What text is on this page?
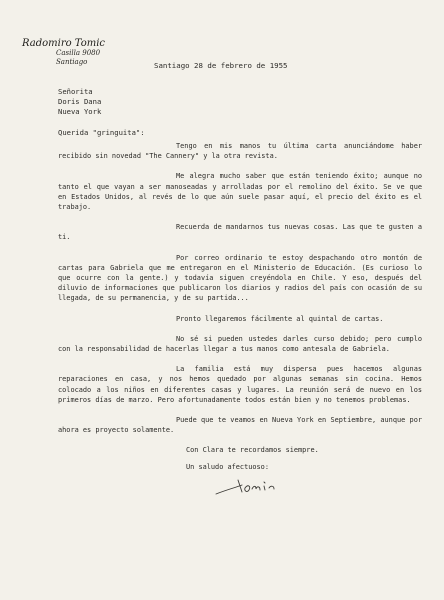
Radomiro Tomic
Casilla 9080
Santiago	Santiago 28 de febrero de 1955
Señorita
Doris Dana
Nueva York
Querida "gringuita":

Tengo en mis manos tu última carta anunciándome haber recibido sin novedad "The Cannery" y la otra revista.

Me alegra mucho saber que están teniendo éxito; aunque no tanto el que vayan a ser manoseadas y arrolladas por el remolino del éxito. Se ve que en Estados Unidos, al revés de lo que aún suele pasar aquí, el precio del éxito es el trabajo.

Recuerda de mandarnos tus nuevas cosas. Las que te gusten a ti.

Por correo ordinario te estoy despachando otro montón de cartas para Gabriela que me entregaron en el Ministerio de Educación. (Es curioso lo que ocurre con la gente.) y todavía siguen creyéndola en Chile. Y eso, después del diluvio de informaciones que publicaron los diarios y radios del país con ocasión de su llegada, de su permanencia, y de su partida...

Pronto llegaremos fácilmente al quintal de cartas.

No sé si pueden ustedes darles curso debido; pero cumplo con la responsabilidad de hacerlas llegar a tus manos como antesala de Gabriela.

La familia está muy dispersa pues hacemos algunas reparaciones en casa, y nos hemos quedado por algunas semanas sin cocina. Hemos colocado a los niños en diferentes casas y lugares. La reunión será de nuevo en los primeros días de marzo. Pero afortunadamente todos están bien y no tenemos problemas.

Puede que te veamos en Nueva York en Septiembre, aunque por ahora es proyecto solamente.

Con Clara te recordamos siempre.
Un saludo afectuoso:
